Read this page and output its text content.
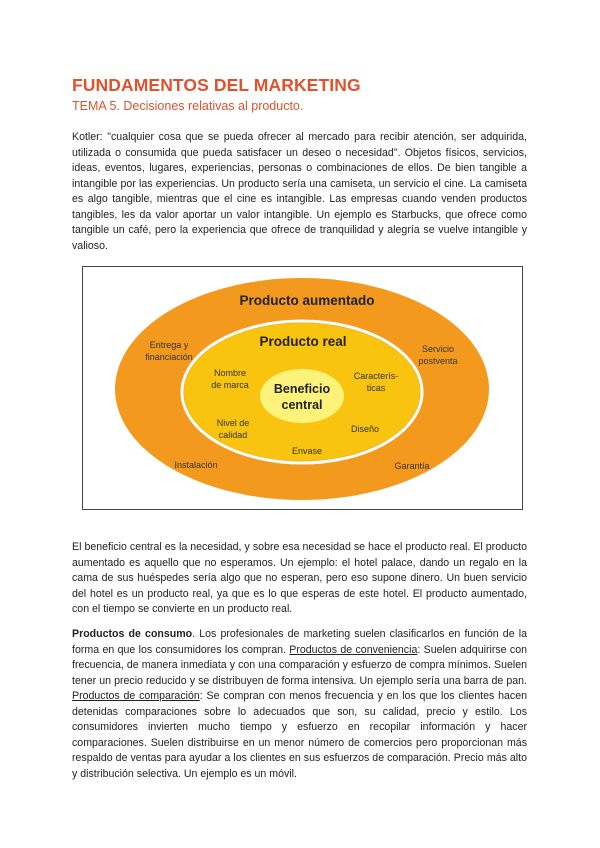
FUNDAMENTOS DEL MARKETING

TEMA 5. Decisiones relativas al producto.

Kotler: "cualquier cosa que se pueda ofrecer al mercado para recibir atención, ser adquirida, utilizada o consumida que pueda satisfacer un deseo o necesidad". Objetos físicos, servicios, ideas, eventos, lugares, experiencias, personas o combinaciones de ellos. De bien tangible a intangible por las experiencias. Un producto sería una camiseta, un servicio el cine. La camiseta es algo tangible, mientras que el cine es intangible. Las empresas cuando venden productos tangibles, les da valor aportar un valor intangible. Un ejemplo es Starbucks, que ofrece como tangible un café, pero la experiencia que ofrece de tranquilidad y alegría se vuelve intangible y valioso.

Producto aumentado
Producto real
Beneficio
central
Entrega y
financiación
Servicio
postventa
Instalación	Garantía
Nombre
de marca
Caracterís-
ticas
Nivel de
calidad
Diseño
Envase

El beneficio central es la necesidad, y sobre esa necesidad se hace el producto real. El producto aumentado es aquello que no esperamos. Un ejemplo: el hotel palace, dando un regalo en la cama de sus huéspedes sería algo que no esperan, pero eso supone dinero. Un buen servicio del hotel es un producto real, ya que es lo que esperas de este hotel. El producto aumentado, con el tiempo se convierte en un producto real.

Productos de consumo. Los profesionales de marketing suelen clasificarlos en función de la forma en que los consumidores los compran. Productos de conveniencia: Suelen adquirirse con frecuencia, de manera inmediata y con una comparación y esfuerzo de compra mínimos. Suelen tener un precio reducido y se distribuyen de forma intensiva. Un ejemplo sería una barra de pan. Productos de comparación: Se compran con menos frecuencia y en los que los clientes hacen detenidas comparaciones sobre lo adecuados que son, su calidad, precio y estilo. Los consumidores invierten mucho tiempo y esfuerzo en recopilar información y hacer comparaciones. Suelen distribuirse en un menor número de comercios pero proporcionan más respaldo de ventas para ayudar a los clientes en sus esfuerzos de comparación. Precio más alto y distribución selectiva. Un ejemplo es un móvil.
